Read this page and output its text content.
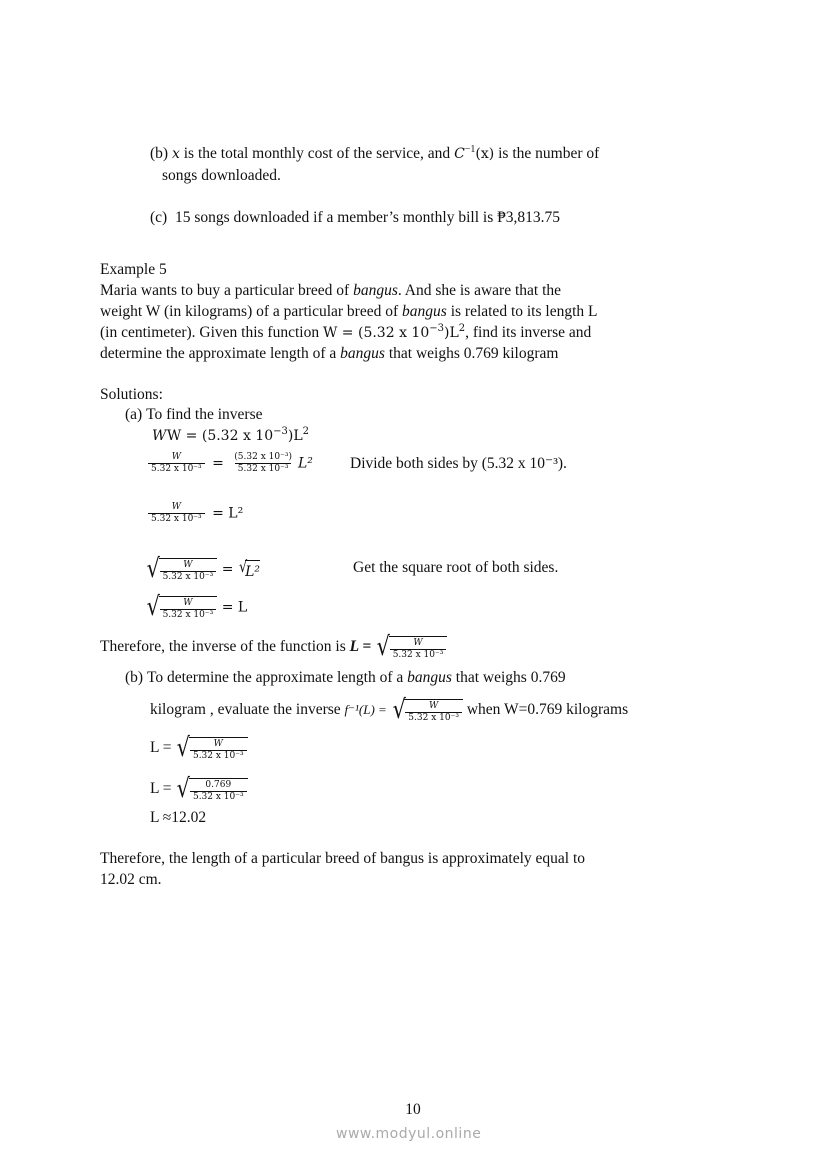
(b) x is the total monthly cost of the service, and $C^{-1}(x)$ is the number of
songs downloaded.
(c) 15 songs downloaded if a member’s monthly bill is ₱3,813.75
Example 5
Maria wants to buy a particular breed of bangus. And she is aware that the
weight W (in kilograms) of a particular breed of bangus is related to its length L
(in centimeter). Given this function W = (5.32 x $10^{-3})L^2$, find its inverse and
determine the approximate length of a bangus that weighs 0.769 kilogram
Solutions:
(a) To find the inverse
W W = (5.32 x $10^{-3})L^2$
$\frac{W}{\text{5.32 x 10⁻³}} = \frac{\text{(5.32 x 10⁻³)}}{\text{5.32 x 10⁻³}} L^2$ Divide both sides by (5.32 x 10⁻³).
$\frac{W}{\text{5.32 x 10⁻³}} = L^2$
√ $\frac{W}{\text{5.32 x 10⁻³}}$ = √
L²	Get the square root of both sides.
√ $\frac{W}{\text{5.32 x 10⁻³}} = L$
Therefore, the inverse of the function is L = √ $\frac{W}{\text{5.32 x 10⁻³}}$
(b) To determine the approximate length of a bangus that weighs 0.769
kilogram , evaluate the inverse f⁻¹(L) = √ $\frac{W}{\text{5.32 x 10⁻³}}$ when W=0.769 kilograms
L = √ $\frac{W}{\text{5.32 x 10⁻³}}$
L = √ $\frac{0.769}{\text{5.32 x 10⁻³}}$
L ≈12.02
Therefore, the length of a particular breed of bangus is approximately equal to
12.02 cm.
10
www.modyul.online
